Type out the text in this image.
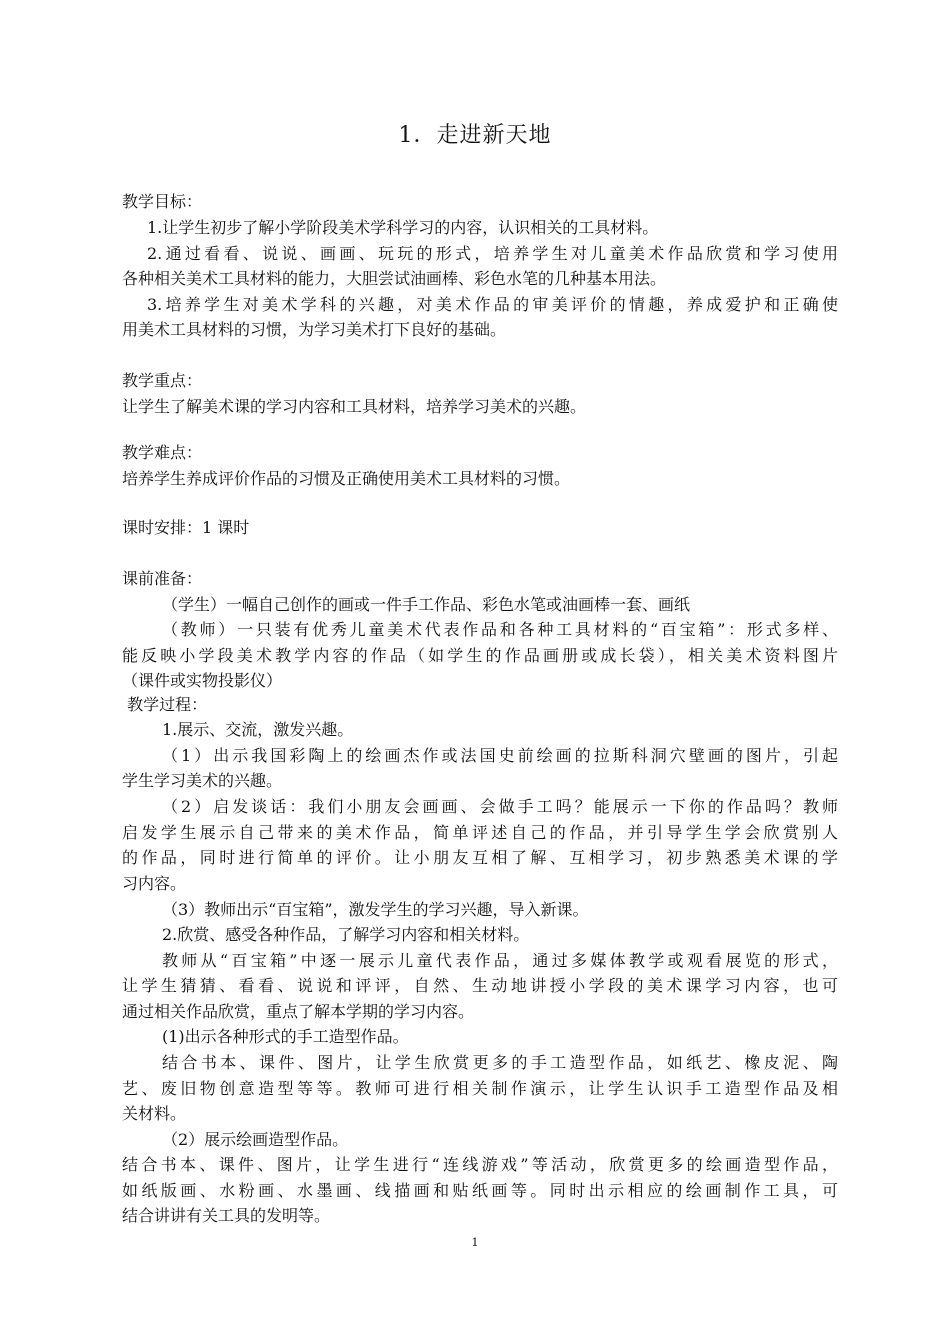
1．走进新天地
教学目标：
1.让学生初步了解小学阶段美术学科学习的内容，认识相关的工具材料。
2.通过看看、说说、画画、玩玩的形式，培养学生对儿童美术作品欣赏和学习使用
各种相关美术工具材料的能力，大胆尝试油画棒、彩色水笔的几种基本用法。
3.培养学生对美术学科的兴趣，对美术作品的审美评价的情趣，养成爱护和正确使
用美术工具材料的习惯，为学习美术打下良好的基础。
教学重点：
让学生了解美术课的学习内容和工具材料，培养学习美术的兴趣。
教学难点：
培养学生养成评价作品的习惯及正确使用美术工具材料的习惯。
课时安排：1 课时
课前准备：
（学生）一幅自己创作的画或一件手工作品、彩色水笔或油画棒一套、画纸
（教师）一只装有优秀儿童美术代表作品和各种工具材料的“百宝箱”：形式多样、
能反映小学段美术教学内容的作品（如学生的作品画册或成长袋），相关美术资料图片
（课件或实物投影仪）
教学过程：
1.展示、交流，激发兴趣。
（1）出示我国彩陶上的绘画杰作或法国史前绘画的拉斯科洞穴壁画的图片，引起
学生学习美术的兴趣。
（2）启发谈话：我们小朋友会画画、会做手工吗？能展示一下你的作品吗？教师
启发学生展示自己带来的美术作品，简单评述自己的作品，并引导学生学会欣赏别人
的作品，同时进行简单的评价。让小朋友互相了解、互相学习，初步熟悉美术课的学
习内容。
（3）教师出示“百宝箱”，激发学生的学习兴趣，导入新课。
2.欣赏、感受各种作品，了解学习内容和相关材料。
教师从“百宝箱”中逐一展示儿童代表作品，通过多媒体教学或观看展览的形式，
让学生猜猜、看看、说说和评评，自然、生动地讲授小学段的美术课学习内容，也可
通过相关作品欣赏，重点了解本学期的学习内容。
(1)出示各种形式的手工造型作品。
结合书本、课件、图片，让学生欣赏更多的手工造型作品，如纸艺、橡皮泥、陶
艺、废旧物创意造型等等。教师可进行相关制作演示，让学生认识手工造型作品及相
关材料。
（2）展示绘画造型作品。
结合书本、课件、图片，让学生进行“连线游戏”等活动，欣赏更多的绘画造型作品，
如纸版画、水粉画、水墨画、线描画和贴纸画等。同时出示相应的绘画制作工具，可
结合讲讲有关工具的发明等。
1
